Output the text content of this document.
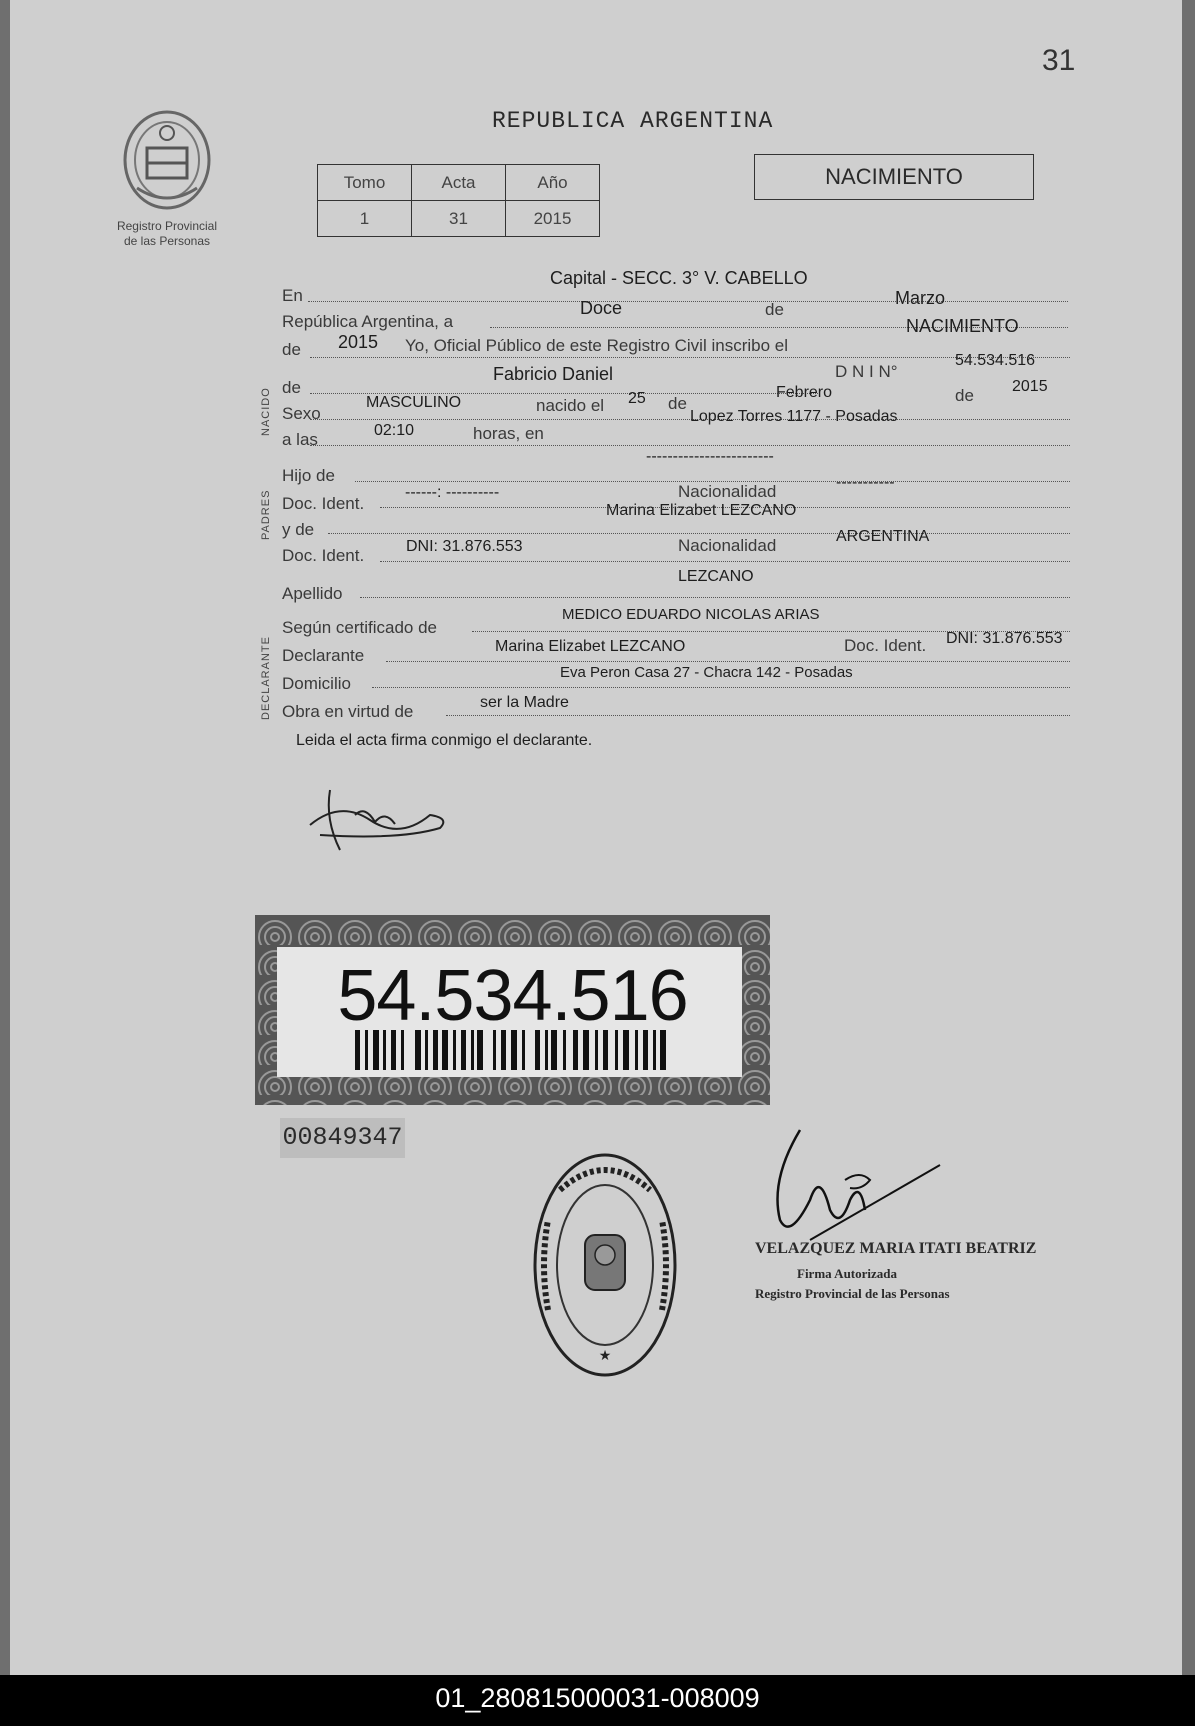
31
Registro Provincial
de las Personas
REPUBLICA ARGENTINA
Tomo	Acta	Año
1	31	2015
NACIMIENTO
En
Capital - SECC. 3° V. CABELLO
República Argentina, a
Doce	de
Marzo
de 2015 Yo, Oficial Público de este Registro Civil inscribo el
NACIMIENTO
NACIDO de
Fabricio Daniel	D N I N°
54.534.516
Sexo
MASCULINO	nacido el 25 de
Febrero	de 2015
a las	02:10	horas, en
Lopez Torres 1177 - Posadas
PADRES
Hijo de
------------------------
Doc. Ident.
------: ----------	Nacionalidad	-----------
y de
Marina Elizabet LEZCANO
Doc. Ident.	DNI: 31.876.553	Nacionalidad	ARGENTINA
Apellido
LEZCANO
DECLARANTE
Según certificado de
MEDICO EDUARDO NICOLAS ARIAS
Declarante	Marina Elizabet LEZCANO	Doc. Ident. DNI: 31.876.553
Domicilio
Eva Peron Casa 27 - Chacra 142 - Posadas
Obra en virtud de	ser la Madre
Leida el acta firma conmigo el declarante.
54.534.516
00849347
★
VELAZQUEZ MARIA ITATI BEATRIZ
Firma Autorizada
Registro Provincial de las Personas
01_280815000031-008009
